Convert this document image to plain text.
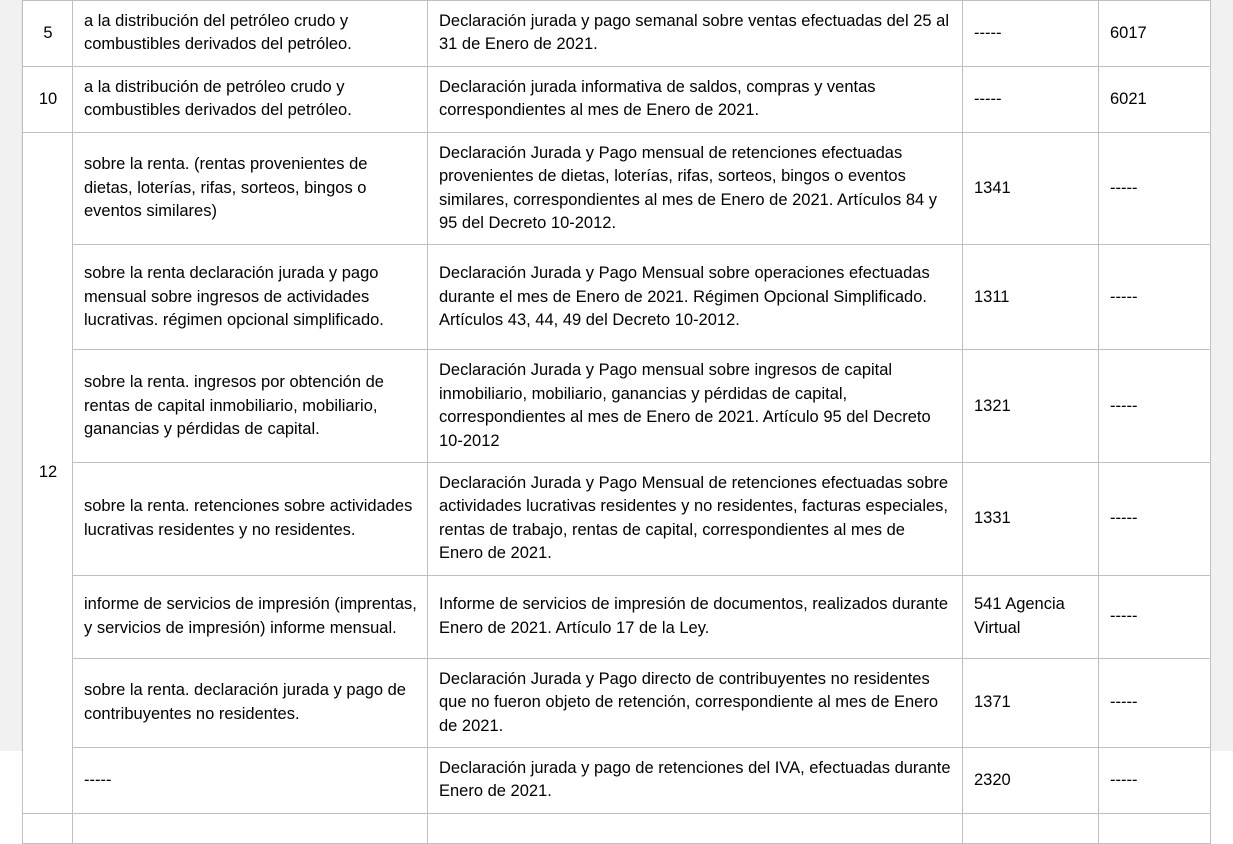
5	a la distribución del petróleo crudo y combustibles derivados del petróleo.	Declaración jurada y pago semanal sobre ventas efectuadas del 25 al 31 de Enero de 2021.	-----	6017
10	a la distribución de petróleo crudo y combustibles derivados del petróleo.	Declaración jurada informativa de saldos, compras y ventas correspondientes al mes de Enero de 2021.	-----	6021
12	sobre la renta. (rentas provenientes de dietas, loterías, rifas, sorteos, bingos o eventos similares)	Declaración Jurada y Pago mensual de retenciones efectuadas provenientes de dietas, loterías, rifas, sorteos, bingos o eventos similares, correspondientes al mes de Enero de 2021. Artículos 84 y 95 del Decreto 10-2012.	1341	-----
	sobre la renta declaración jurada y pago mensual sobre ingresos de actividades lucrativas. régimen opcional simplificado.	Declaración Jurada y Pago Mensual sobre operaciones efectuadas durante el mes de Enero de 2021. Régimen Opcional Simplificado. Artículos 43, 44, 49 del Decreto 10-2012.	1311	-----
	sobre la renta. ingresos por obtención de rentas de capital inmobiliario, mobiliario, ganancias y pérdidas de capital.	Declaración Jurada y Pago mensual sobre ingresos de capital inmobiliario, mobiliario, ganancias y pérdidas de capital, correspondientes al mes de Enero de 2021. Artículo 95 del Decreto 10-2012	1321	-----
	sobre la renta. retenciones sobre actividades lucrativas residentes y no residentes.	Declaración Jurada y Pago Mensual de retenciones efectuadas sobre actividades lucrativas residentes y no residentes, facturas especiales, rentas de trabajo, rentas de capital, correspondientes al mes de Enero de 2021.	1331	-----
	informe de servicios de impresión (imprentas, y servicios de impresión) informe mensual.	Informe de servicios de impresión de documentos, realizados durante Enero de 2021. Artículo 17 de la Ley.	541 Agencia Virtual	-----
	sobre la renta. declaración jurada y pago de contribuyentes no residentes.	Declaración Jurada y Pago directo de contribuyentes no residentes que no fueron objeto de retención, correspondiente al mes de Enero de 2021.	1371	-----
	-----	Declaración jurada y pago de retenciones del IVA, efectuadas durante Enero de 2021.	2320	-----
